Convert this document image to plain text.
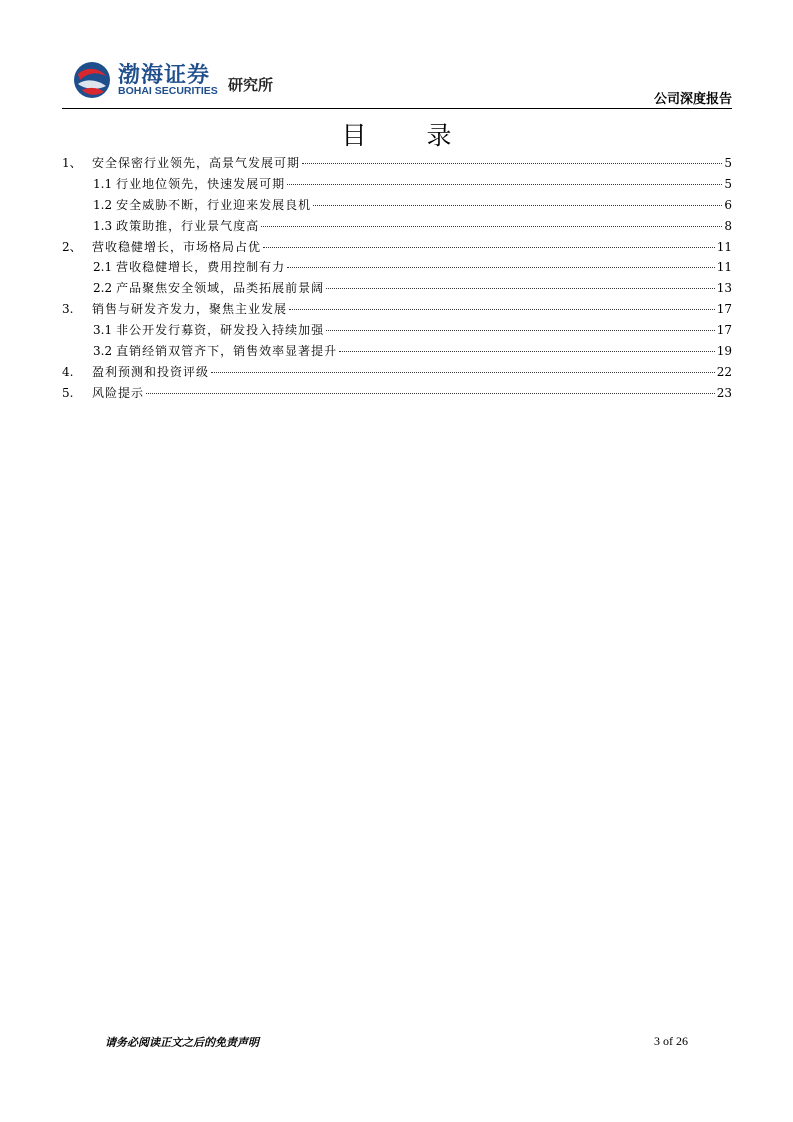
渤海证券
BOHAI SECURITIES 研究所
公司深度报告
目 录
1、 安全保密行业领先，高景气发展可期	5
1.1 行业地位领先，快速发展可期	5
1.2 安全威胁不断，行业迎来发展良机	6
1.3 政策助推，行业景气度高	8
2、 营收稳健增长，市场格局占优	11
2.1 营收稳健增长，费用控制有力	11
2.2 产品聚焦安全领域，品类拓展前景阔	13
3.	销售与研发齐发力，聚焦主业发展	17
3.1 非公开发行募资，研发投入持续加强	17
3.2 直销经销双管齐下，销售效率显著提升	19
4.	盈利预测和投资评级	22
5.	风险提示	23
请务必阅读正文之后的免责声明	3 of 26
